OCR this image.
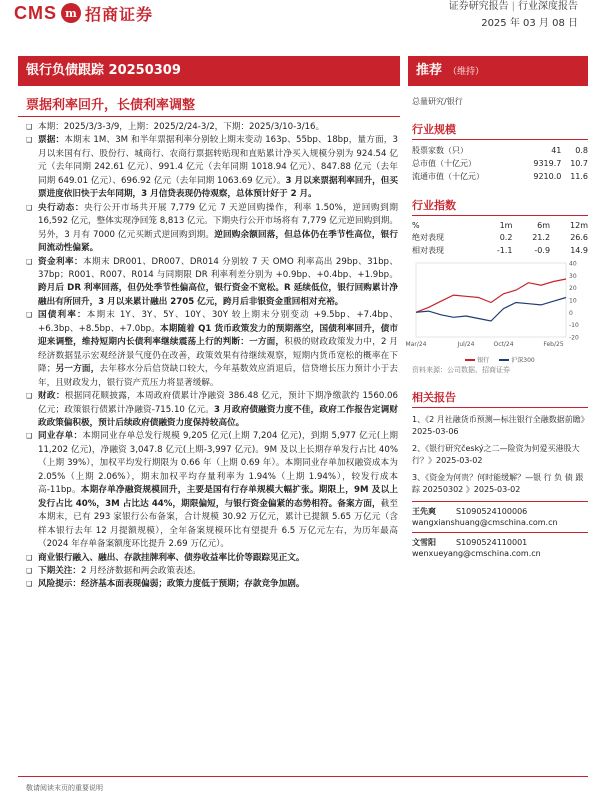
CMS m 招商证券	证券研究报告 | 行业深度报告
2025 年 03 月 08 日
银行负债跟踪 20250309	推荐 （维持）
票据利率回升，长债利率调整
❑ 本期：2025/3/3-3/9，上期：2025/2/24-3/2，下期：2025/3/10-3/16。
❑ 票据：本期末 1M、3M 和半年票据利率分别较上期末变动 163p、55bp、18bp，量方面，3 月以来国有行、股份行、城商行、农商行票据转贴现和直贴累计净买入规模分别为 924.54 亿元（去年同期 242.61 亿元）、991.4 亿元（去年同期 1018.94 亿元）、847.88 亿元（去年同期 649.01 亿元）、696.92 亿元（去年同期 1063.69 亿元）。3 月以来票据利率回升，但买票进度依旧快于去年同期，3 月信贷表现仍待观察，总体预计好于 2 月。
❑ 央行动态：央行公开市场共开展 7,779 亿元 7 天逆回购操作，利率 1.50%，逆回购到期 16,592 亿元，整体实现净回笼 8,813 亿元。下期央行公开市场将有 7,779 亿元逆回购到期。另外，3 月有 7000 亿元买断式逆回购到期。逆回购余额回落，但总体仍在季节性高位，银行间流动性偏紧。
❑ 资金利率：本期末 DR001、DR007、DR014 分别较 7 天 OMO 利率高出 29bp、31bp、37bp；R001、R007、R014 与同期限 DR 利率利差分别为 +0.9bp、+0.4bp、+1.9bp。跨月后 DR 利率回落，但仍处季节性偏高位，银行资金不宽松。R 延续低位，银行回购累计净融出有所回升，3 月以来累计融出 2705 亿元，跨月后非银资金重回相对充裕。
❑ 国债利率：本期末 1Y、3Y、5Y、10Y、30Y 较上期末分别变动 +9.5bp、+7.4bp、+6.3bp、+8.5bp、+7.0bp。本期随着 Q1 货币政策发力的预期落空，国债利率回升，债市迎来调整，维持短期内长债利率继续震荡上行的判断：一方面，积极的财政政策发力中，2 月经济数据显示宏观经济景气度仍在改善，政策效果有待继续观察，短期内货币宽松的概率在下降；另一方面，去年移水分后信贷缺口较大，今年基数效应消退后，信贷增长压力预计小于去年，且财政发力，银行资产荒压力将显著缓解。
❑ 财政：根据同花顺披露，本周政府债累计净融资 386.48 亿元，预计下期净缴款约 1560.06 亿元；政策银行债累计净融资-715.10 亿元。3 月政府债融资力度不佳，政府工作报告定调财政政策偏积极，预计后续政府债融资力度保持较高位。
❑ 同业存单：本期同业存单总发行规模 9,205 亿元(上期 7,204 亿元)，到期 5,977 亿元(上期 11,202 亿元)，净融资 3,047.8 亿元(上期-3,997 亿元)。9M 及以上长期存单发行占比 40%（上期 39%），加权平均发行期限为 0.66 年（上期 0.69 年）。本期同业存单加权融资成本为 2.05%（上期 2.06%），期末加权平均存量利率为 1.94%（上期 1.94%），较发行成本高-11bp。本期存单净融资规模回升，主要是国有行存单规模大幅扩张。期限上，9M 及以上发行占比 40%，3M 占比达 44%，期限偏短，与银行资金偏紧的态势相符。备案方面，截至本期末，已有 293 家银行公布备案，合计规模 30.92 万亿元，累计已提额 5.65 万亿元（含样本银行去年 12 月提额规模），全年备案规模环比有望提升 6.5 万亿元左右，为历年最高（2024 年存单备案额度环比提升 2.69 万亿元）。
❑ 商业银行融入、融出、存款挂牌利率、债券收益率比价等跟踪见正文。
❑ 下期关注：2 月经济数据和两会政策表述。
❑ 风险提示：经济基本面表现偏弱；政策力度低于预期；存款竞争加剧。
总量研究/银行
行业规模
股票家数（只）	41	0.8
总市值（十亿元）	9319.7	10.7
流通市值（十亿元）	9210.0	11.6
行业指数
%	1m	6m	12m
绝对表现	0.2	21.2	26.6
相对表现	-1.1	-0.9	14.9
40
30
20
10
0
-10
-20
Mar/24	Jul/24	Oct/24	Feb/25
银行	沪深300
资料来源：公司数据、招商证券
相关报告
1、《2 月社融货币预测—标注银行全融数据前瞻》2025-03-06
2、《银行研究český之二—险资为何爱买港股大行？》2025-03-02
3、《资金为何贵？何时能缓解？—银 行 负 债 跟 踪 20250302 》2025-03-02
王先爽	S1090524100006
wangxianshuang@cmschina.com.cn
文雪阳	S1090524110001
wenxueyang@cmschina.com.cn
敬请阅读末页的重要说明
